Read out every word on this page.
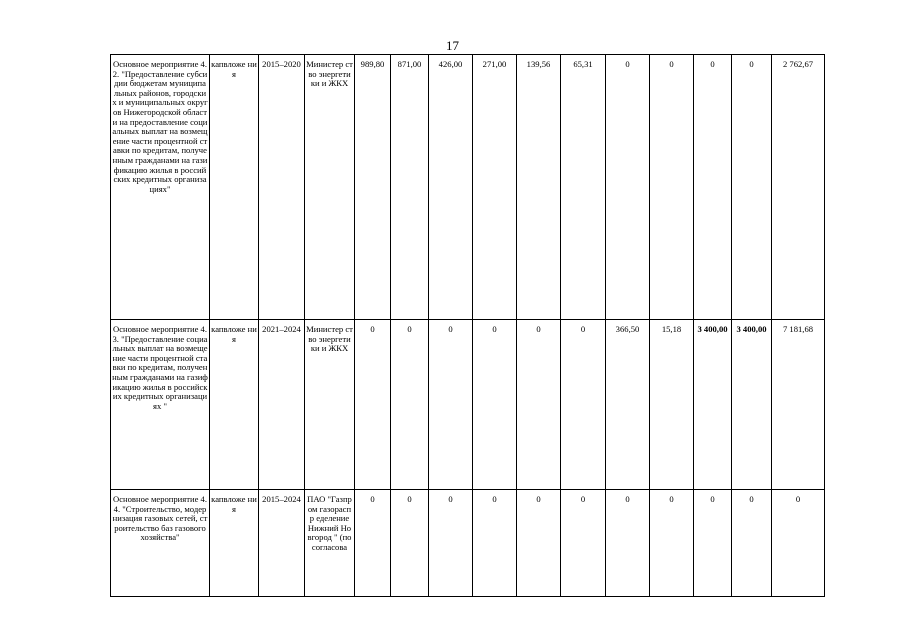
17
Основное мероприятие 4.2. "Предоставление субсидии бюджетам муниципальных районов, городских и муниципальных округов Нижегородской области на предоставление социальных выплат на возмещение части процентной ставки по кредитам, полученным гражданами на газификацию жилья в российских кредитных организациях"	капвложе ния	2015–2020	Министер ство энергети ки и ЖКХ	989,80	871,00	426,00	271,00	139,56	65,31	0	0	0	0	2 762,67

Основное мероприятие 4.3. "Предоставление социальных выплат на возмещение части процентной ставки по кредитам, полученным гражданами на газификацию жилья в российских кредитных организациях "	капвложе ния	2021–2024	Министер ство энергети ки и ЖКХ	0	0	0	0	0	0	366,50	15,18	3 400,00	3 400,00	7 181,68

Основное мероприятие 4.4. "Строительство, модернизация газовых сетей, строительство баз газового хозяйства"	капвложе ния	2015–2024	ПАО "Газпром газораспр еделение Нижний Новгород " (по согласова	0	0	0	0	0	0	0	0	0	0	0
